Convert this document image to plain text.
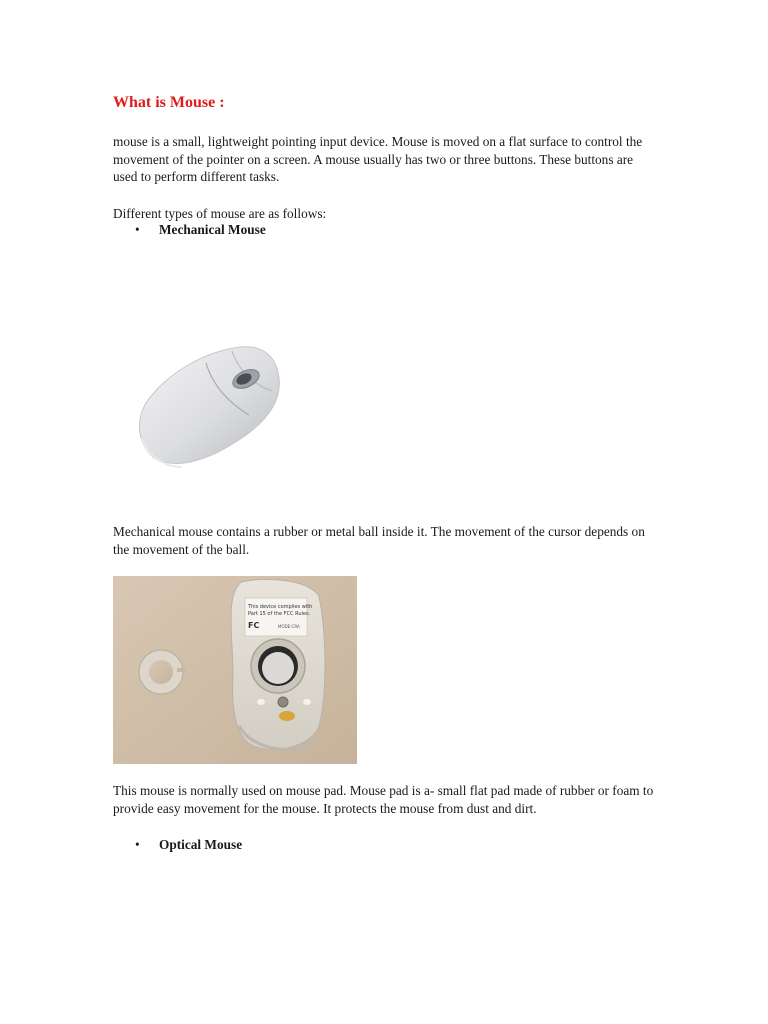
What is Mouse :

mouse is a small, lightweight pointing input device. Mouse is moved on a flat surface to control the movement of the pointer on a screen. A mouse usually has two or three buttons. These buttons are used to perform different tasks.

Different types of mouse are as follows:

• Mechanical Mouse

Mechanical mouse contains a rubber or metal ball inside it. The movement of the cursor depends on the movement of the ball.

This device complies with
Part 15 of the FCC Rules.
FC	MODE:CRA

This mouse is normally used on mouse pad. Mouse pad is a- small flat pad made of rubber or foam to provide easy movement for the mouse. It protects the mouse from dust and dirt.

• Optical Mouse
